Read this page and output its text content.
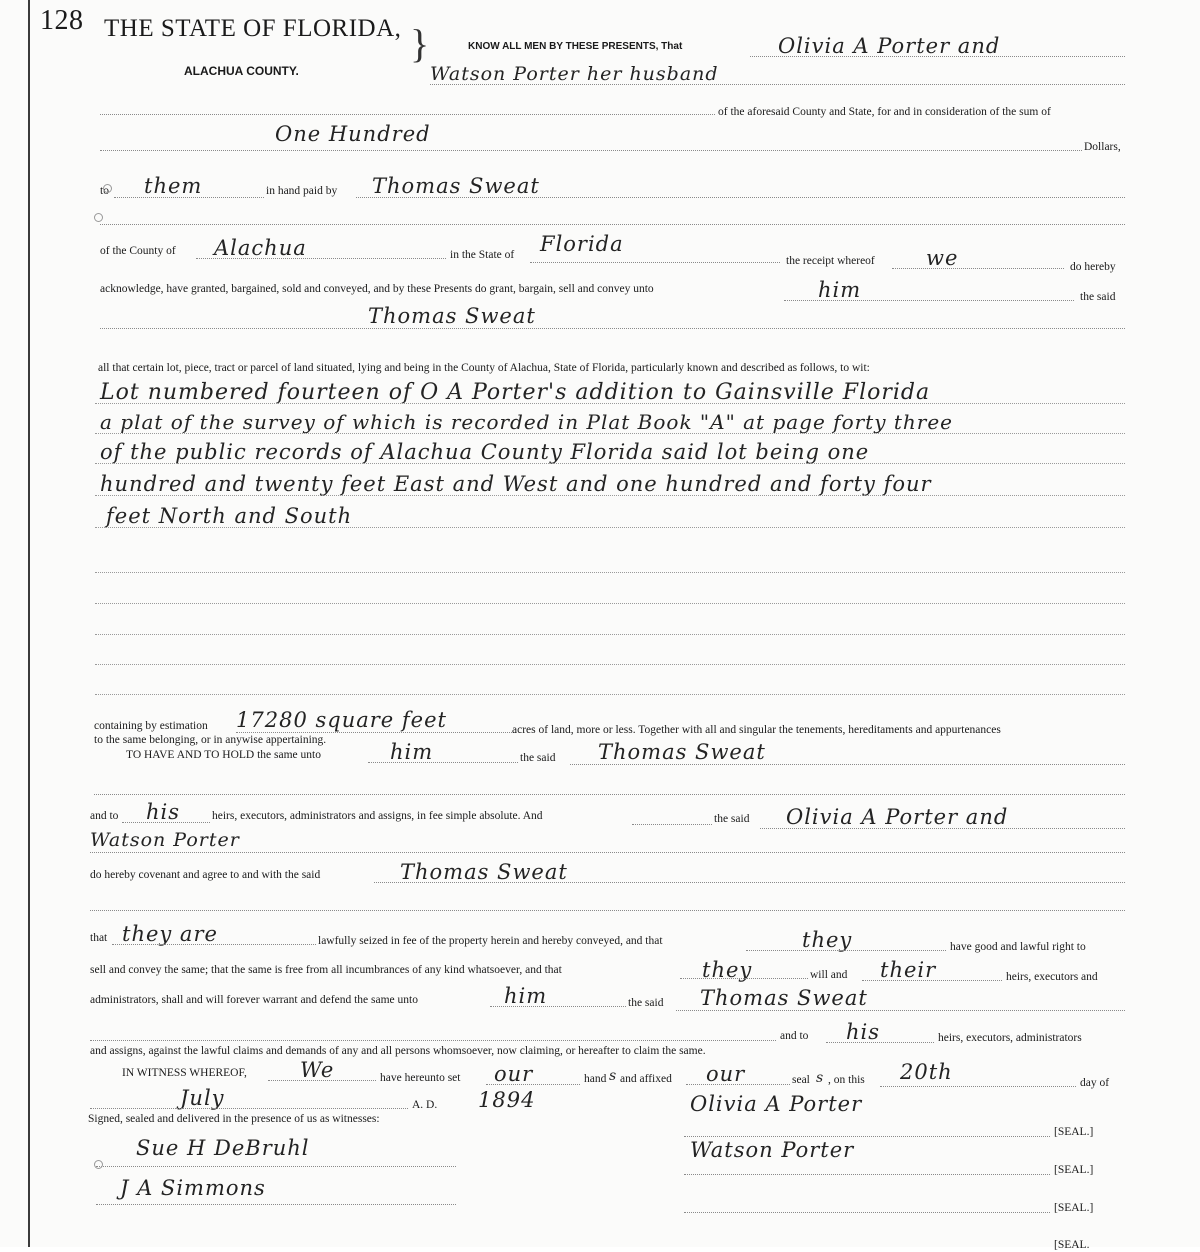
128 THE STATE OF FLORIDA,
ALACHUA COUNTY.
}	KNOW ALL MEN BY THESE PRESENTS, That	Olivia A Porter and
Watson Porter her husband
of the aforesaid County and State, for and in consideration of the sum of
One Hundred
Dollars,
to them	in hand paid by Thomas Sweat
of the County of Alachua	in the State of Florida
the receipt whereof we	do hereby
acknowledge, have granted, bargained, sold and conveyed, and by these Presents do grant, bargain, sell and convey unto	him	the said
Thomas Sweat
all that certain lot, piece, tract or parcel of land situated, lying and being in the County of Alachua, State of Florida, particularly known and described as follows, to wit:
Lot numbered fourteen of O A Porter's addition to Gainsville Florida
a plat of the survey of which is recorded in Plat Book "A" at page forty three
of the public records of Alachua County Florida said lot being one
hundred and twenty feet East and West and one hundred and forty four
feet North and South
containing by estimation 17280 square feet	acres of land, more or less. Together with all and singular the tenements, hereditaments and appurtenances
to the same belonging, or in anywise appertaining.
TO HAVE AND TO HOLD the same unto	him	the said Thomas Sweat
and to his	heirs, executors, administrators and assigns, in fee simple absolute. And	the said Olivia A Porter and
Watson Porter
do hereby covenant and agree to and with the said	Thomas Sweat
that they are	lawfully seized in fee of the property herein and hereby conveyed, and that	they	have good and lawful right to
sell and convey the same; that the same is free from all incumbrances of any kind whatsoever, and that	they	will and their	heirs, executors and
administrators, shall and will forever warrant and defend the same unto	him	the said Thomas Sweat
and to his	heirs, executors, administrators
and assigns, against the lawful claims and demands of any and all persons whomsoever, now claiming, or hereafter to claim the same.
IN WITNESS WHEREOF,	We	have hereunto set our	hand s and affixed our	seal s , on this 20th	day of
July	A. D. 1894
Signed, sealed and delivered in the presence of us as witnesses:
Olivia A Porter
[SEAL.]
Watson Porter
[SEAL.]
[SEAL.]
[SEAL.
Sue H DeBruhl
J A Simmons
